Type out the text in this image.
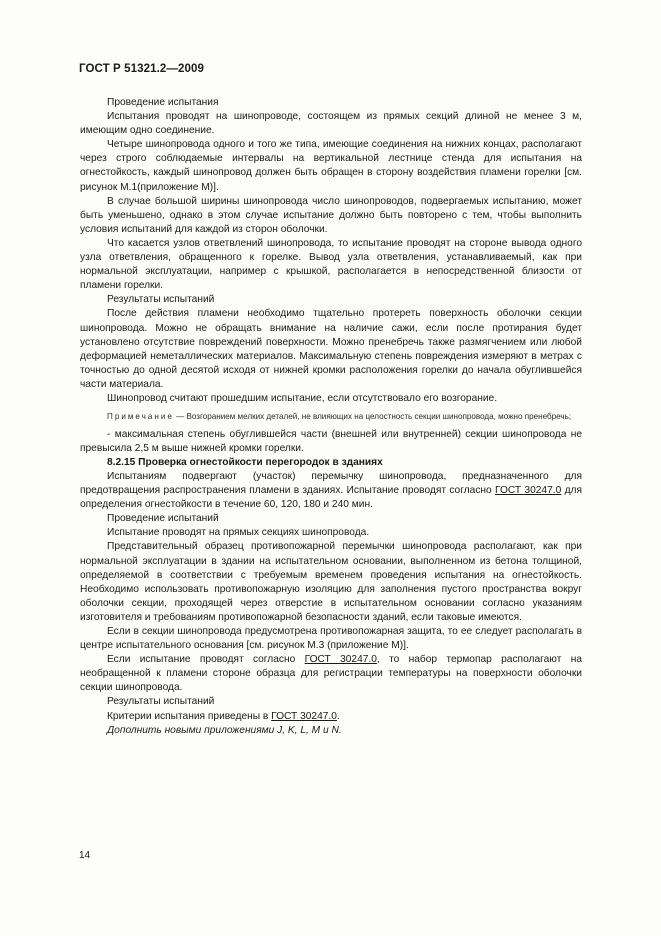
ГОСТ Р 51321.2—2009

Проведение испытания

Испытания проводят на шинопроводе, состоящем из прямых секций длиной не менее 3 м, имеющим одно соединение.

Четыре шинопровода одного и того же типа, имеющие соединения на нижних концах, располагают через строго соблюдаемые интервалы на вертикальной лестнице стенда для испытания на огнестойкость, каждый шинопровод должен быть обращен в сторону воздействия пламени горелки [см. рисунок М.1(приложение М)].

В случае большой ширины шинопровода число шинопроводов, подвергаемых испытанию, может быть уменьшено, однако в этом случае испытание должно быть повторено с тем, чтобы выполнить условия испытаний для каждой из сторон оболочки.

Что касается узлов ответвлений шинопровода, то испытание проводят на стороне вывода одного узла ответвления, обращенного к горелке. Вывод узла ответвления, устанавливаемый, как при нормальной эксплуатации, например с крышкой, располагается в непосредственной близости от пламени горелки.

Результаты испытаний

После действия пламени необходимо тщательно протереть поверхность оболочки секции шинопровода. Можно не обращать внимание на наличие сажи, если после протирания будет установлено отсутствие повреждений поверхности. Можно пренебречь также размягчением или любой деформацией неметаллических материалов. Максимальную степень повреждения измеряют в метрах с точностью до одной десятой исходя от нижней кромки расположения горелки до начала обуглившейся части материала.

Шинопровод считают прошедшим испытание, если отсутствовало его возгорание.

Примечание — Возгоранием мелких деталей, не влияющих на целостность секции шинопровода, можно пренебречь;

- максимальная степень обуглившейся части (внешней или внутренней) секции шинопровода не превысила 2,5 м выше нижней кромки горелки.

8.2.15 Проверка огнестойкости перегородок в зданиях

Испытаниям подвергают (участок) перемычку шинопровода, предназначенного для предотвращения распространения пламени в зданиях. Испытание проводят согласно ГОСТ 30247.0 для определения огнестойкости в течение 60, 120, 180 и 240 мин.

Проведение испытаний

Испытание проводят на прямых секциях шинопровода.

Представительный образец противопожарной перемычки шинопровода располагают, как при нормальной эксплуатации в здании на испытательном основании, выполненном из бетона толщиной, определяемой в соответствии с требуемым временем проведения испытания на огнестойкость. Необходимо использовать противопожарную изоляцию для заполнения пустого пространства вокруг оболочки секции, проходящей через отверстие в испытательном основании согласно указаниям изготовителя и требованиям противопожарной безопасности зданий, если таковые имеются.

Если в секции шинопровода предусмотрена противопожарная защита, то ее следует располагать в центре испытательного основания [см. рисунок М.3 (приложение М)].

Если испытание проводят согласно ГОСТ 30247.0, то набор термопар располагают на необращенной к пламени стороне образца для регистрации температуры на поверхности оболочки секции шинопровода.

Результаты испытаний

Критерии испытания приведены в ГОСТ 30247.0.

Дополнить новыми приложениями J, K, L, M и N.

14
